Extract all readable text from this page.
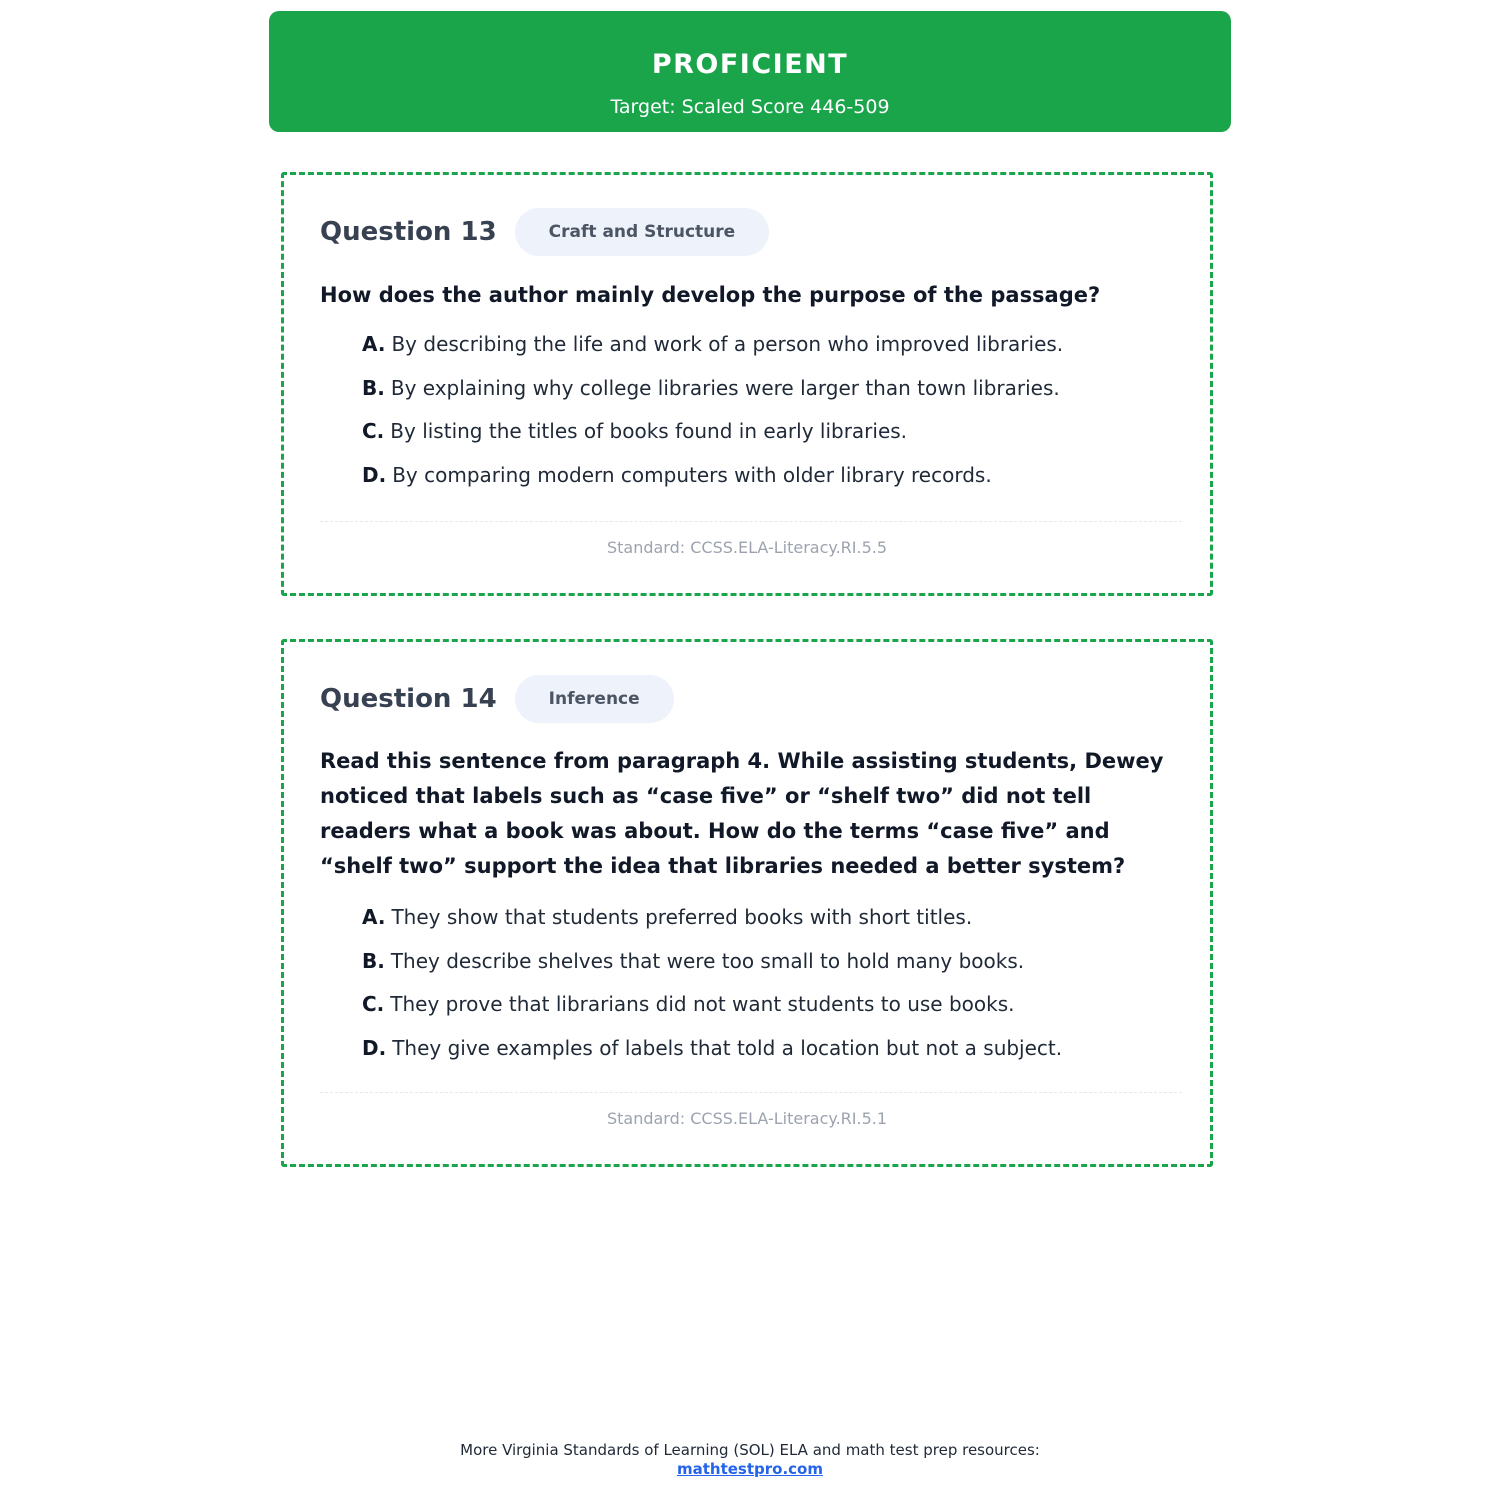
PROFICIENT
Target: Scaled Score 446-509
Question 13	Craft and Structure
How does the author mainly develop the purpose of the passage?
A. By describing the life and work of a person who improved libraries.
B. By explaining why college libraries were larger than town libraries.
C. By listing the titles of books found in early libraries.
D. By comparing modern computers with older library records.
Standard: CCSS.ELA-Literacy.RI.5.5
Question 14	Inference
Read this sentence from paragraph 4. While assisting students, Dewey noticed that labels such as “case five” or “shelf two” did not tell readers what a book was about. How do the terms “case five” and “shelf two” support the idea that libraries needed a better system?
A. They show that students preferred books with short titles.
B. They describe shelves that were too small to hold many books.
C. They prove that librarians did not want students to use books.
D. They give examples of labels that told a location but not a subject.
Standard: CCSS.ELA-Literacy.RI.5.1
More Virginia Standards of Learning (SOL) ELA and math test prep resources:
mathtestpro.com
